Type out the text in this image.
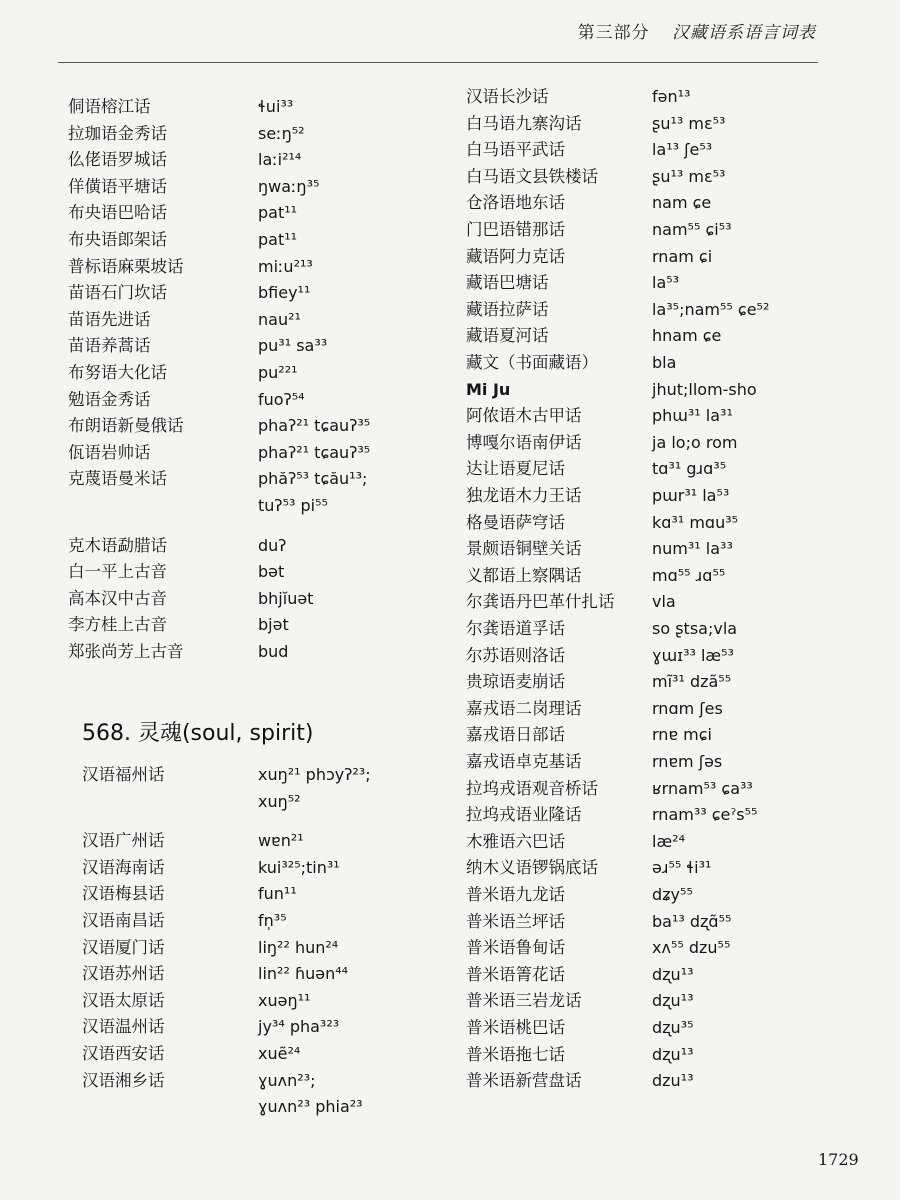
第三部分 汉藏语系语言词表
侗语榕江话	ɬui³³
拉珈语金秀话	seːŋ⁵²
仫佬语罗城话	laːi²¹⁴
佯僙语平塘话	ŋwaːŋ³⁵
布央语巴哈话	pat¹¹
布央语郎架话	pat¹¹
普标语麻栗坡话	miːu²¹³
苗语石门坎话	bfiey¹¹
苗语先进话	nau²¹
苗语养蒿话	pu³¹ sa³³
布努语大化话	pu²²¹
勉语金秀话	fuoʔ⁵⁴
布朗语新曼俄话	phaʔ²¹ tɕauʔ³⁵
佤语岩帅话	phaʔ²¹ tɕauʔ³⁵
克蔑语曼米话	phăʔ⁵³ tɕău¹³;
tuʔ⁵³ pi⁵⁵
克木语勐腊话	duʔ
白一平上古音	bət
高本汉中古音	bhjĭuət
李方桂上古音	bjət
郑张尚芳上古音	bud
568. 灵魂(soul, spirit)
汉语福州话	xuŋ²¹ phɔyʔ²³;
xuŋ⁵²
汉语广州话	wɐn²¹
汉语海南话	kui³²⁵;tin³¹
汉语梅县话	fun¹¹
汉语南昌话	fn̩³⁵
汉语厦门话	liŋ²² hun²⁴
汉语苏州话	lin²² ɦuən⁴⁴
汉语太原话	xuəŋ¹¹
汉语温州话	jy³⁴ pha³²³
汉语西安话	xuẽ²⁴
汉语湘乡话	ɣuʌn²³;
ɣuʌn²³ phia²³
汉语长沙话	fən¹³
白马语九寨沟话	ʂu¹³ mɛ⁵³
白马语平武话	la¹³ ʃe⁵³
白马语文县铁楼话	ʂu¹³ mɛ⁵³
仓洛语地东话	nam ɕe
门巴语错那话	nam⁵⁵ ɕi⁵³
藏语阿力克话	rnam ɕi
藏语巴塘话	la⁵³
藏语拉萨话	la³⁵;nam⁵⁵ ɕe⁵²
藏语夏河话	hnam ɕe
藏文（书面藏语）	bla
Mi Ju	jhut;llom-sho
阿侬语木古甲话	phɯ³¹ la³¹
博嘎尔语南伊话	ja lo;o rom
达让语夏尼话	tɑ³¹ gɹɑ³⁵
独龙语木力王话	pɯr³¹ la⁵³
格曼语萨穹话	kɑ³¹ mɑu³⁵
景颇语铜壁关话	num³¹ la³³
义都语上察隅话	mɑ⁵⁵ ɹɑ⁵⁵
尔龚语丹巴革什扎话 vla
尔龚语道孚话	so ʂtsa;vla
尔苏语则洛话	ɣɯɪ³³ læ⁵³
贵琼语麦崩话	mĩ³¹ dzã⁵⁵
嘉戎语二岗理话	rnɑm ʃes
嘉戎语日部话	rnɐ mɕi
嘉戎语卓克基话	rnɐm ʃəs
拉坞戎语观音桥话	ʁrnam⁵³ ɕa³³
拉坞戎语业隆话	rnam³³ ɕeˀs⁵⁵
木雅语六巴话	læ²⁴
纳木义语锣锅底话	əɹ⁵⁵ ɬi³¹
普米语九龙话	dʑy⁵⁵
普米语兰坪话	ba¹³ dʐɑ̃⁵⁵
普米语鲁甸话	xʌ⁵⁵ dzu⁵⁵
普米语箐花话	dʐu¹³
普米语三岩龙话	dʐu¹³
普米语桃巴话	dʐu³⁵
普米语拖七话	dʐu¹³
普米语新营盘话	dzu¹³
1729
